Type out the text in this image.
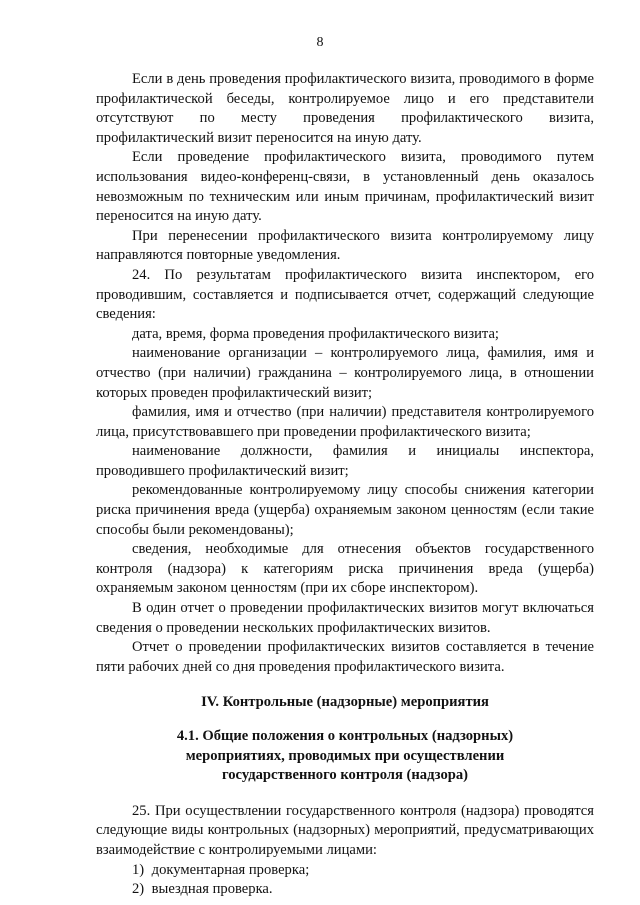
8

Если в день проведения профилактического визита, проводимого в форме профилактической беседы, контролируемое лицо и его представители отсутствуют по месту проведения профилактического визита, профилактический визит переносится на иную дату.

Если проведение профилактического визита, проводимого путем использования видео-конференц-связи, в установленный день оказалось невозможным по техническим или иным причинам, профилактический визит переносится на иную дату.

При перенесении профилактического визита контролируемому лицу направляются повторные уведомления.

24. По результатам профилактического визита инспектором, его проводившим, составляется и подписывается отчет, содержащий следующие сведения:

дата, время, форма проведения профилактического визита;

наименование организации – контролируемого лица, фамилия, имя и отчество (при наличии) гражданина – контролируемого лица, в отношении которых проведен профилактический визит;

фамилия, имя и отчество (при наличии) представителя контролируемого лица, присутствовавшего при проведении профилактического визита;

наименование должности, фамилия и инициалы инспектора, проводившего профилактический визит;

рекомендованные контролируемому лицу способы снижения категории риска причинения вреда (ущерба) охраняемым законом ценностям (если такие способы были рекомендованы);

сведения, необходимые для отнесения объектов государственного контроля (надзора) к категориям риска причинения вреда (ущерба) охраняемым законом ценностям (при их сборе инспектором).

В один отчет о проведении профилактических визитов могут включаться сведения о проведении нескольких профилактических визитов.

Отчет о проведении профилактических визитов составляется в течение пяти рабочих дней со дня проведения профилактического визита.

IV. Контрольные (надзорные) мероприятия

4.1. Общие положения о контрольных (надзорных)
мероприятиях, проводимых при осуществлении
государственного контроля (надзора)

25. При осуществлении государственного контроля (надзора) проводятся следующие виды контрольных (надзорных) мероприятий, предусматривающих взаимодействие с контролируемыми лицами:

1) документарная проверка;
2) выездная проверка.
